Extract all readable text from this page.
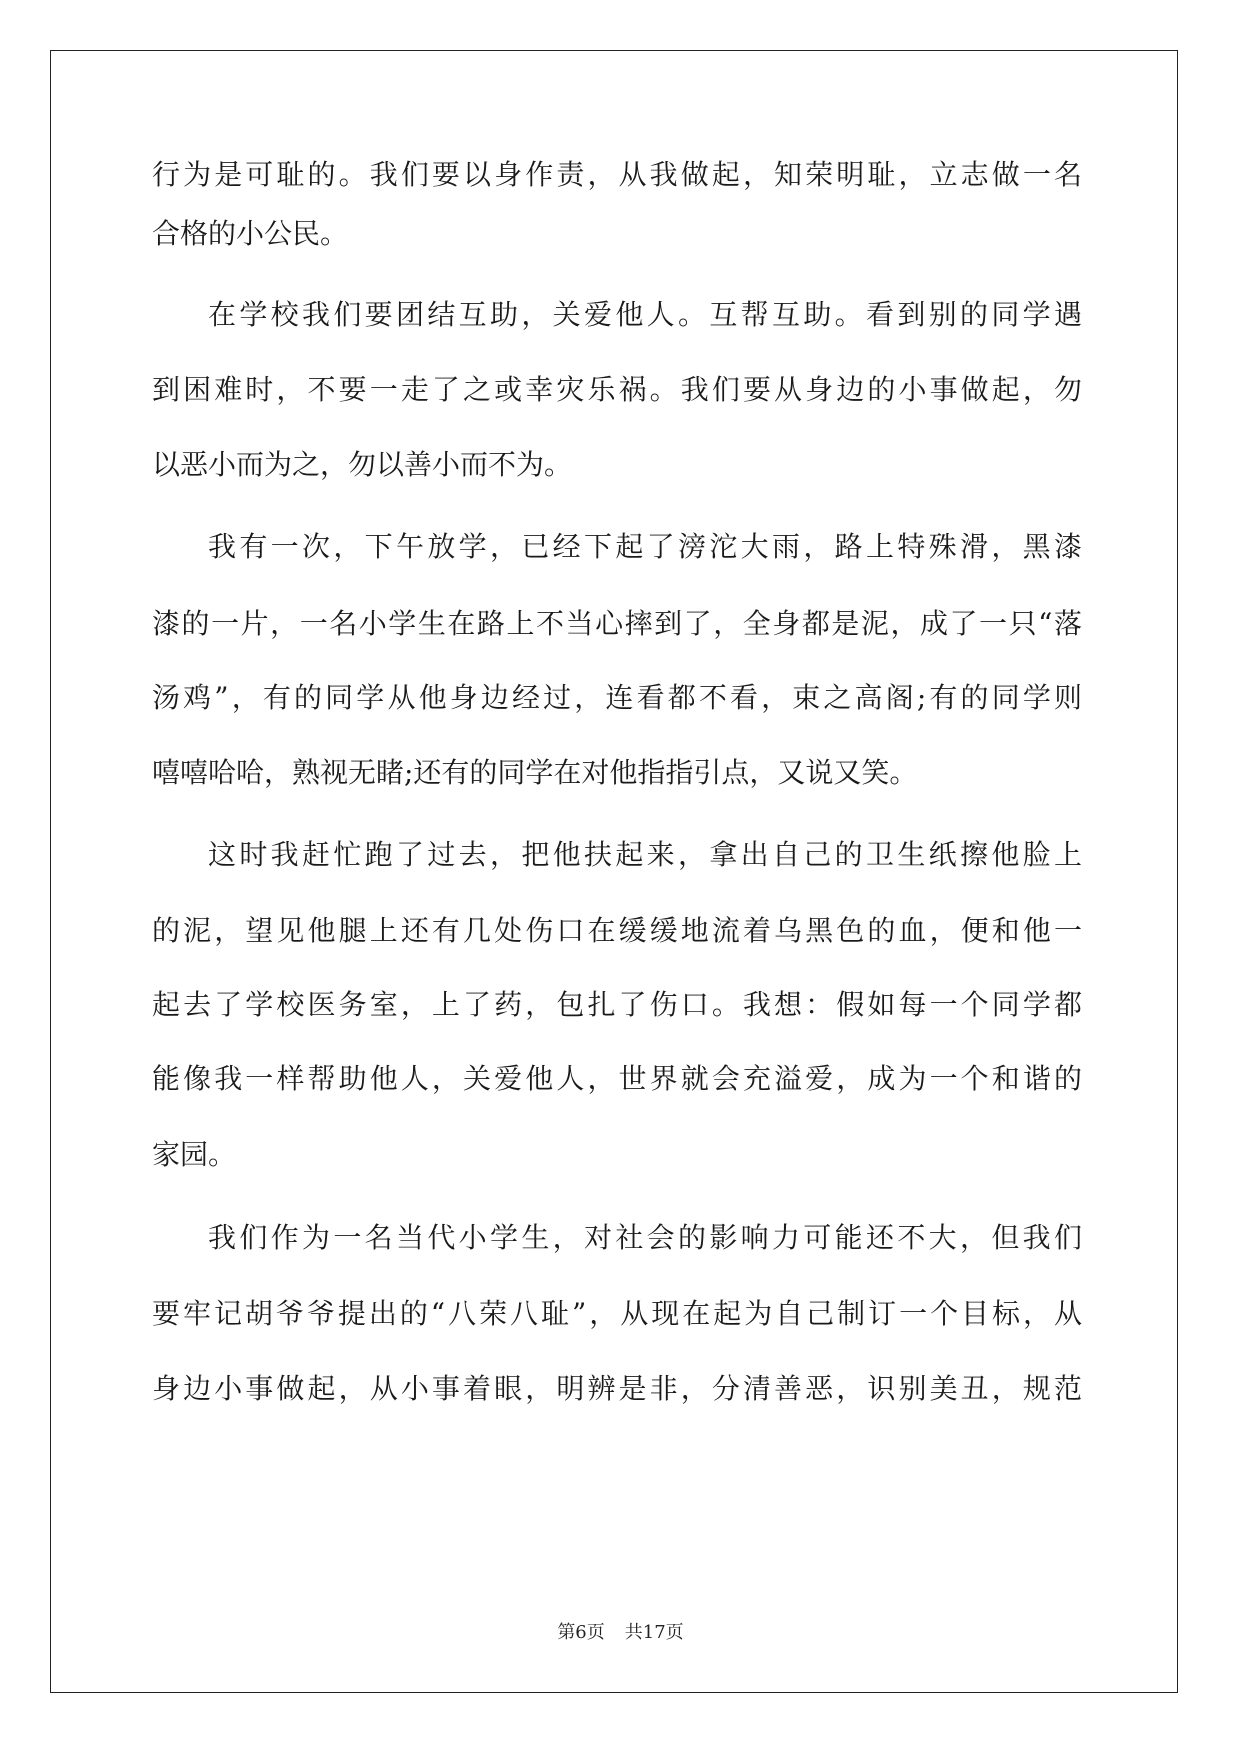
行为是可耻的。我们要以身作责，从我做起，知荣明耻，立志做一名
合格的小公民。
在学校我们要团结互助，关爱他人。互帮互助。看到别的同学遇
到困难时，不要一走了之或幸灾乐祸。我们要从身边的小事做起，勿
以恶小而为之，勿以善小而不为。
我有一次，下午放学，已经下起了滂沱大雨，路上特殊滑，黑漆
漆的一片，一名小学生在路上不当心摔到了，全身都是泥，成了一只“落
汤鸡”，有的同学从他身边经过，连看都不看，束之高阁;有的同学则
嘻嘻哈哈，熟视无睹;还有的同学在对他指指引点，又说又笑。
这时我赶忙跑了过去，把他扶起来，拿出自己的卫生纸擦他脸上
的泥，望见他腿上还有几处伤口在缓缓地流着乌黑色的血，便和他一
起去了学校医务室，上了药，包扎了伤口。我想：假如每一个同学都
能像我一样帮助他人，关爱他人，世界就会充溢爱，成为一个和谐的
家园。
我们作为一名当代小学生，对社会的影响力可能还不大，但我们
要牢记胡爷爷提出的“八荣八耻”，从现在起为自己制订一个目标，从
身边小事做起，从小事着眼，明辨是非，分清善恶，识别美丑，规范
第6页 共17页
